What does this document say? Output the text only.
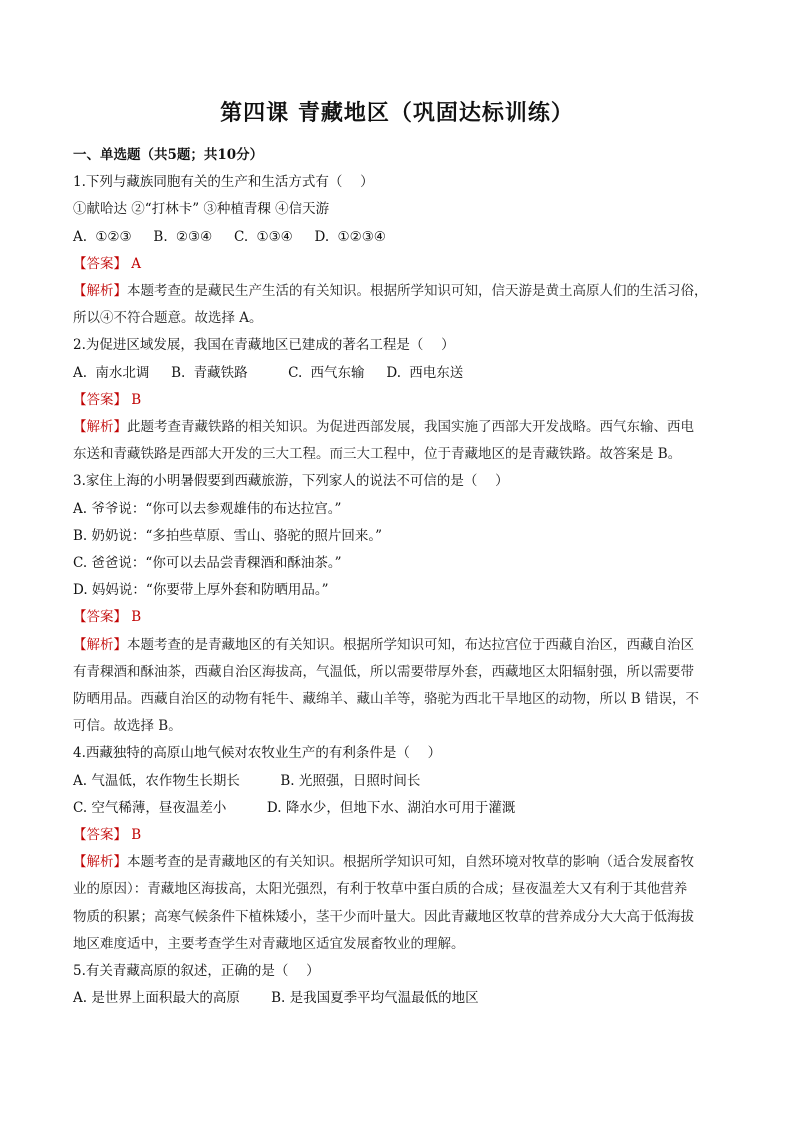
第四课 青藏地区（巩固达标训练）
一、单选题（共5题；共10分）
1.下列与藏族同胞有关的生产和生活方式有（　 ）
①献哈达 ②“打林卡” ③种植青稞 ④信天游
A. ①②③　 B. ②③④　 C. ①③④　 D. ①②③④
【答案】 A
【解析】本题考查的是藏民生产生活的有关知识。根据所学知识可知，信天游是黄土高原人们的生活习俗，
所以④不符合题意。故选择 A。
2.为促进区域发展，我国在青藏地区已建成的著名工程是（　 ）
A. 南水北调　 B. 青藏铁路　　　C. 西气东输　 D. 西电东送
【答案】 B
【解析】此题考查青藏铁路的相关知识。为促进西部发展，我国实施了西部大开发战略。西气东输、西电
东送和青藏铁路是西部大开发的三大工程。而三大工程中，位于青藏地区的是青藏铁路。故答案是 B。
3.家住上海的小明暑假要到西藏旅游，下列家人的说法不可信的是（　 ）
A. 爷爷说：“你可以去参观雄伟的布达拉宫。”
B. 奶奶说：“多拍些草原、雪山、骆驼的照片回来。”
C. 爸爸说：“你可以去品尝青稞酒和酥油茶。”
D. 妈妈说：“你要带上厚外套和防晒用品。”
【答案】 B
【解析】本题考查的是青藏地区的有关知识。根据所学知识可知，布达拉宫位于西藏自治区，西藏自治区
有青稞酒和酥油茶，西藏自治区海拔高，气温低，所以需要带厚外套，西藏地区太阳辐射强，所以需要带
防晒用品。西藏自治区的动物有牦牛、藏绵羊、藏山羊等，骆驼为西北干旱地区的动物，所以 B 错误，不
可信。故选择 B。
4.西藏独特的高原山地气候对农牧业生产的有利条件是（　 ）
A. 气温低，农作物生长期长　　　B. 光照强，日照时间长
C. 空气稀薄，昼夜温差小　　　D. 降水少，但地下水、湖泊水可用于灌溉
【答案】 B
【解析】本题考查的是青藏地区的有关知识。根据所学知识可知，自然环境对牧草的影响（适合发展畜牧
业的原因）：青藏地区海拔高，太阳光强烈，有利于牧草中蛋白质的合成；昼夜温差大又有利于其他营养
物质的积累；高寒气候条件下植株矮小，茎干少而叶量大。因此青藏地区牧草的营养成分大大高于低海拔
地区难度适中，主要考查学生对青藏地区适宜发展畜牧业的理解。
5.有关青藏高原的叙述，正确的是（　 ）
A. 是世界上面积最大的高原　　 B. 是我国夏季平均气温最低的地区
